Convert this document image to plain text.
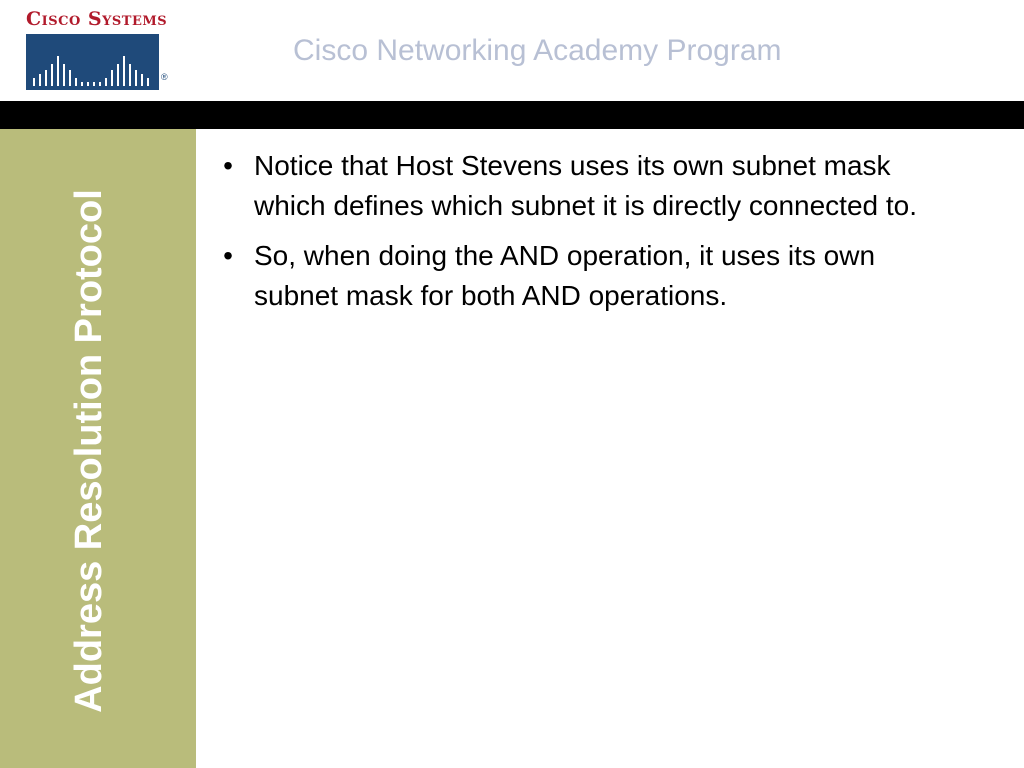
Cisco Systems
®
Cisco Networking Academy Program
Address Resolution Protocol
• Notice that Host Stevens uses its own subnet mask which defines which subnet it is directly connected to.
• So, when doing the AND operation, it uses its own subnet mask for both AND operations.
